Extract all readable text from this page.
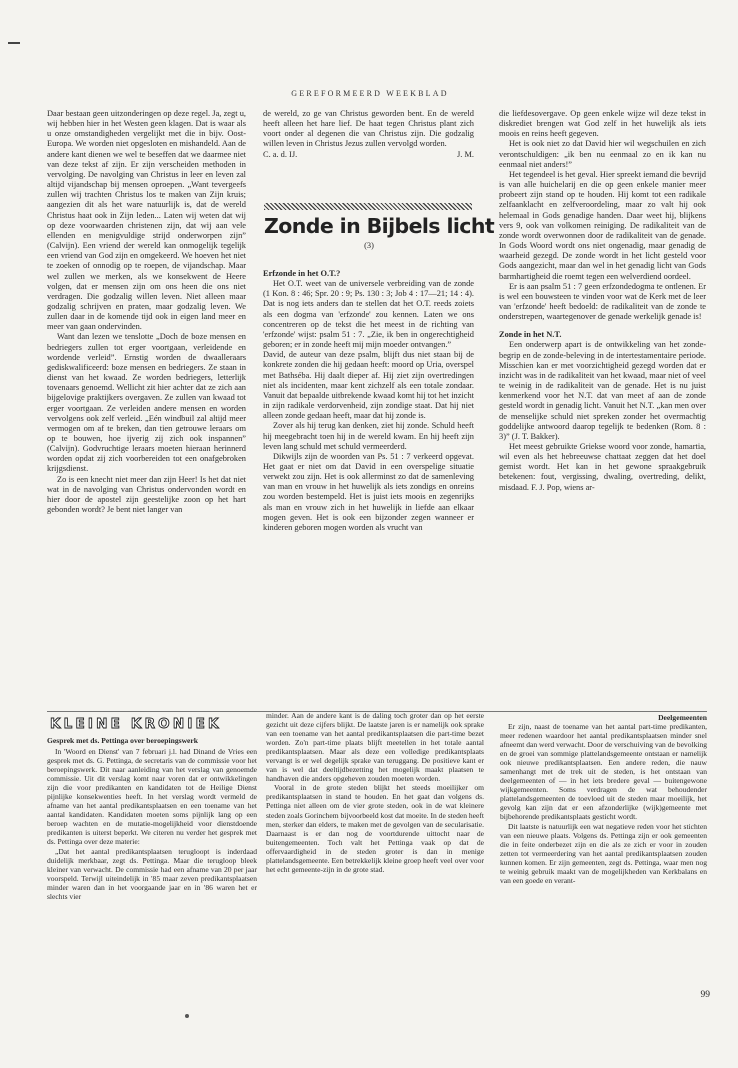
GEREFORMEERD WEEKBLAD

Daar bestaan geen uitzonderingen op deze regel. Ja, zegt u, wij hebben hier in het Westen geen klagen. Dat is waar als u onze omstandigheden vergelijkt met die in bijv. Oost-Europa. We worden niet opgesloten en mishandeld. Aan de andere kant dienen we wel te beseffen dat we daarmee niet van deze tekst af zijn. Er zijn verscheiden methoden in vervolging. De navolging van Christus in leer en leven zal altijd vijandschap bij mensen oproepen. „Want tevergeefs zullen wij trachten Christus los te maken van Zijn kruis; aangezien dit als het ware natuurlijk is, dat de wereld Christus haat ook in Zijn leden... Laten wij weten dat wij op deze voorwaarden christenen zijn, dat wij aan vele ellenden en menigvuldige strijd onderworpen zijn” (Calvijn). Een vriend der wereld kan onmogelijk tegelijk een vriend van God zijn en omgekeerd. We hoeven het niet te zoeken of onnodig op te roepen, de vijandschap. Maar wel zullen we merken, als we konsekwent de Heere volgen, dat er mensen zijn om ons heen die ons niet verdragen. Die godzalig willen leven. Niet alleen maar godzalig schrijven en praten, maar godzalig leven. We zullen daar in de komende tijd ook in eigen land meer en meer van gaan ondervinden.

Want dan lezen we tenslotte „Doch de boze mensen en bedriegers zullen tot erger voortgaan, verleidende en wordende verleid”. Ernstig worden de dwaalleraars gediskwalificeerd: boze mensen en bedriegers. Ze staan in dienst van het kwaad. Ze worden bedriegers, letterlijk tovenaars genoemd. Wellicht zit hier achter dat ze zich aan bijgelovige praktijkers overgaven. Ze zullen van kwaad tot erger voortgaan. Ze verleiden andere mensen en worden vervolgens ook zelf verleid. „Eén windbuil zal altijd meer vermogen om af te breken, dan tien getrouwe leraars om op te bouwen, hoe ijverig zij zich ook inspannen” (Calvijn). Godvruchtige leraars moeten hieraan herinnerd worden opdat zij zich voorbereiden tot een onafgebroken krijgsdienst.

Zo is een knecht niet meer dan zijn Heer! Is het dat niet wat in de navolging van Christus ondervonden wordt en hier door de apostel zijn geestelijke zoon op het hart gebonden wordt? Je bent niet langer van

de wereld, zo ge van Christus geworden bent. En de wereld heeft alleen het hare lief. De haat tegen Christus plant zich voort onder al degenen die van Christus zijn. Die godzalig willen leven in Christus Jezus zullen vervolgd worden.

C. a. d. IJ.	J. M.
Zonde in Bijbels licht
(3)

Erfzonde in het O.T.?

Het O.T. weet van de universele verbreiding van de zonde (1 Kon. 8 : 46; Spr. 20 : 9; Ps. 130 : 3; Job 4 : 17—21; 14 : 4). Dat is nog iets anders dan te stellen dat het O.T. reeds zoiets als een dogma van 'erfzonde' zou kennen. Laten we ons concentreren op de tekst die het meest in de richting van 'erfzonde' wijst: psalm 51 : 7. „Zie, ik ben in ongerechtigheid geboren; er in zonde heeft mij mijn moeder ontvangen.”

David, de auteur van deze psalm, blijft dus niet staan bij de konkrete zonden die hij gedaan heeft: moord op Uria, overspel met Bathséba. Hij daalt dieper af. Hij ziet zijn overtredingen niet als incidenten, maar kent zichzelf als een totale zondaar. Vanuit dat bepaalde uitbrekende kwaad komt hij tot het inzicht in zijn radikale verdorvenheid, zijn zondige staat. Dat hij niet alleen zonde gedaan heeft, maar dat hij zonde is.

Zover als hij terug kan denken, ziet hij zonde. Schuld heeft hij meegebracht toen hij in de wereld kwam. En hij heeft zijn leven lang schuld met schuld vermeerderd.

Dikwijls zijn de woorden van Ps. 51 : 7 verkeerd opgevat. Het gaat er niet om dat David in een overspelige situatie verwekt zou zijn. Het is ook allerminst zo dat de samenleving van man en vrouw in het huwelijk als iets zondigs en onreins zou worden bestempeld. Het is juist iets moois en zegenrijks als man en vrouw zich in het huwelijk in liefde aan elkaar mogen geven. Het is ook een bijzonder zegen wanneer er kinderen geboren mogen worden als vrucht van

die liefdesovergave. Op geen enkele wijze wil deze tekst in diskrediet brengen wat God zelf in het huwelijk als iets moois en reins heeft gegeven.

Het is ook niet zo dat David hier wil wegschuilen en zich verontschuldigen: „ik ben nu eenmaal zo en ik kan nu eenmaal niet anders!”

Het tegendeel is het geval. Hier spreekt iemand die bevrijd is van alle huichelarij en die op geen enkele manier meer probeert zijn stand op te houden. Hij komt tot een radikale zelfaanklacht en zelfveroordeling, maar zo valt hij ook helemaal in Gods genadige handen. Daar weet hij, blijkens vers 9, ook van volkomen reiniging. De radikaliteit van de zonde wordt overwonnen door de radikaliteit van de genade. In Gods Woord wordt ons niet ongenadig, maar genadig de waarheid gezegd. De zonde wordt in het licht gesteld voor Gods aangezicht, maar dan wel in het genadig licht van Gods barmhartigheid die roemt tegen een welverdiend oordeel.

Er is aan psalm 51 : 7 geen erfzondedogma te ontlenen. Er is wel een bouwsteen te vinden voor wat de Kerk met de leer van 'erfzonde' heeft bedoeld: de radikaliteit van de zonde te onderstrepen, waartegenover de genade werkelijk genade is!

Zonde in het N.T.

Een onderwerp apart is de ontwikkeling van het zonde-begrip en de zonde-beleving in de intertestamentaire periode. Misschien kan er met voorzichtigheid gezegd worden dat er inzicht was in de radikaliteit van het kwaad, maar niet of veel te weinig in de radikaliteit van de genade. Het is nu juist kenmerkend voor het N.T. dat van meet af aan de zonde gesteld wordt in genadig licht. Vanuit het N.T. „kan men over de menselijke schuld niet spreken zonder het overmachtig goddelijke antwoord daarop tegelijk te bedenken (Rom. 8 : 3)” (J. T. Bakker).

Het meest gebruikte Griekse woord voor zonde, hamartia, wil even als het hebreeuwse chattaat zeggen dat het doel gemist wordt. Het kan in het gewone spraakgebruik betekenen: fout, vergissing, dwaling, overtreding, delikt, misdaad. F. J. Pop, wiens ar-

KLEINE KRONIEK
Gesprek met ds. Pettinga over beroepingswerk

In 'Woord en Dienst' van 7 februari j.l. had Dinand de Vries een gesprek met ds. G. Pettinga, de secretaris van de commissie voor het beroepingswerk. Dit naar aanleiding van het verslag van genoemde commissie. Uit dit verslag komt naar voren dat er ontwikkelingen zijn die voor predikanten en kandidaten tot de Heilige Dienst pijnlijke konsekwenties heeft. In het verslag wordt vermeld de afname van het aantal predikantsplaatsen en een toename van het aantal kandidaten. Kandidaten moeten soms pijnlijk lang op een beroep wachten en de mutatie-mogelijkheid voor dienstdoende predikanten is uiterst beperkt. We citeren nu verder het gesprek met ds. Pettinga over deze materie:

„Dat het aantal predikantsplaatsen terugloopt is inderdaad duidelijk merkbaar, zegt ds. Pettinga. Maar die terugloop bleek kleiner van verwacht. De commissie had een afname van 20 per jaar voorspeld. Terwijl uiteindelijk in '85 maar zeven predikantsplaatsen minder waren dan in het voorgaande jaar en in '86 waren het er slechts vier

minder. Aan de andere kant is de daling toch groter dan op het eerste gezicht uit deze cijfers blijkt. De laatste jaren is er namelijk ook sprake van een toename van het aantal predikantsplaatsen die part-time bezet worden. Zo'n part-time plaats blijft meetellen in het totale aantal predikantsplaatsen. Maar als deze een volledige predikantsplaats vervangt is er wel degelijk sprake van teruggang. De positieve kant er van is wel dat deeltijdbezetting het mogelijk maakt plaatsen te handhaven die anders opgeheven zouden moeten worden.

Vooral in de grote steden blijkt het steeds moeilijker om predikantsplaatsen in stand te houden. En het gaat dan volgens ds. Pettinga niet alleen om de vier grote steden, ook in de wat kleinere steden zoals Gorinchem bijvoorbeeld kost dat moeite. In de steden heeft men, sterker dan elders, te maken met de gevolgen van de secularisatie. Daarnaast is er dan nog de voortdurende uittocht naar de buitengemeenten. Toch valt het Pettinga vaak op dat de offervaardigheid in de steden groter is dan in menige plattelandsgemeente. Een betrekkelijk kleine groep heeft veel over voor het echt gemeente-zijn in de grote stad.

Deelgemeenten

Er zijn, naast de toename van het aantal part-time predikanten, meer redenen waardoor het aantal predikantsplaatsen minder snel afneemt dan werd verwacht. Door de verschuiving van de bevolking en de groei van sommige plattelandsgemeente ontstaan er namelijk ook nieuwe predikantsplaatsen. Een andere reden, die nauw samenhangt met de trek uit de steden, is het ontstaan van deelgemeenten of — in het iets bredere geval — buitengewone wijkgemeenten. Soms verdragen de wat behoudender plattelandsgemeenten de toevloed uit de steden maar moeilijk, het gevolg kan zijn dat er een afzonderlijke (wijk)gemeente met bijbehorende predikantsplaats gesticht wordt.

Dit laatste is natuurlijk een wat negatieve reden voor het stichten van een nieuwe plaats. Volgens ds. Pettinga zijn er ook gemeenten die in feite onderbezet zijn en die als ze zich er voor in zouden zetten tot vermeerdering van het aantal predikantsplaatsen zouden kunnen komen. Er zijn gemeenten, zegt ds. Pettinga, waar men nog te weinig gebruik maakt van de mogelijkheden van Kerkbalans en van een goede en verant-

99
